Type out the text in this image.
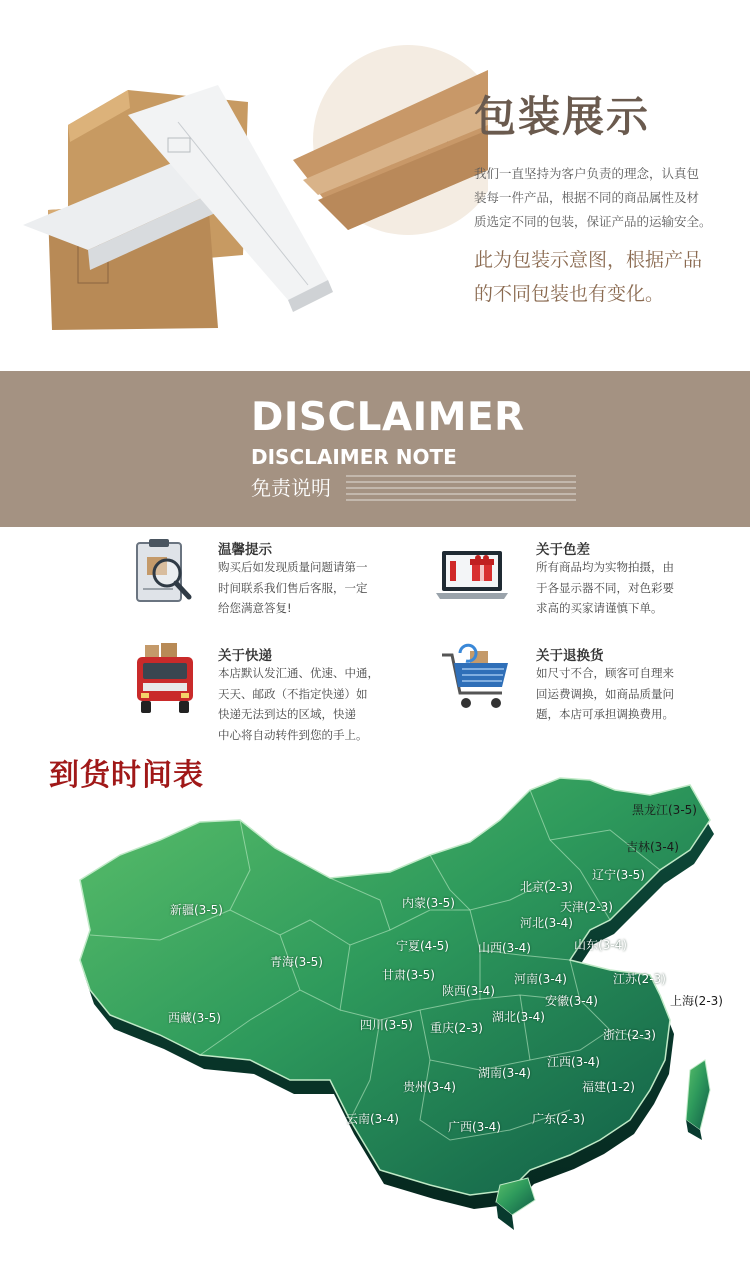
包装展示
我们一直坚持为客户负责的理念，认真包
装每一件产品，根据不同的商品属性及材
质选定不同的包装，保证产品的运输安全。
此为包装示意图，根据产品
的不同包装也有变化。
DISCLAIMER
DISCLAIMER NOTE
免责说明
温馨提示
购买后如发现质量问题请第一
时间联系我们售后客服，一定
给您满意答复!
关于色差
所有商品均为实物拍摄，由
于各显示器不同，对色彩要
求高的买家请谨慎下单。
关于快递
本店默认发汇通、优速、中通，
天天、邮政（不指定快递）如
快递无法到达的区域，快递
中心将自动转件到您的手上。
关于退换货
如尺寸不合，顾客可自理来
回运费调换，如商品质量问
题，本店可承担调换费用。
黑龙江(3-5)
吉林(3-4)
辽宁(3-5)
北京(2-3)
天津(2-3)
内蒙(3-5)
河北(3-4)
新疆(3-5)
宁夏(4-5) 山西(3-4)	山东(3-4)
青海(3-5)
甘肃(3-5)	河南(3-4)	江苏(2-3)
陕西(3-4)
安徽(3-4)	上海(2-3)
西藏(3-5)	四川(3-5) 重庆(2-3)
湖北(3-4)
浙江(2-3)
江西(3-4)
湖南(3-4)
贵州(3-4)	福建(1-2)
云南(3-4)
广西(3-4)
广东(2-3)
到货时间表
